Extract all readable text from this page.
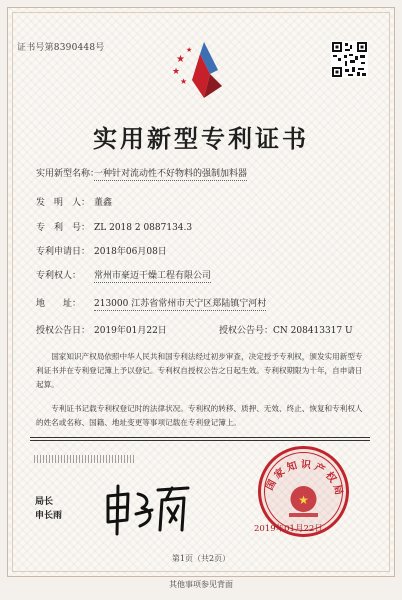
证书号第8390448号
★
★
★
★
实用新型专利证书
实用新型名称：一种针对流动性不好物料的强制加料器
发　明　人： 董鑫
专　利　号： ZL 2018 2 0887134.3
专利申请日： 2018年06月08日
专利权人： 常州市豪迈干燥工程有限公司
地　　址： 213000 江苏省常州市天宁区郑陆镇宁河村
授权公告日： 2019年01月22日	授权公告号：CN 208413317 U

国家知识产权局依照中华人民共和国专利法经过初步审查，决定授予专利权，颁发实用新型专利证书并在专利登记簿上予以登记。专利权自授权公告之日起生效。专利权期限为十年，自申请日起算。

专利证书记载专利权登记时的法律状况。专利权的转移、质押、无效、终止、恢复和专利权人的姓名或名称、国籍、地址变更等事项记载在专利登记簿上。

局长
申长雨
国家知识产权局
★
2019年01月22日
第1页（共2页）
其他事项参见背面
